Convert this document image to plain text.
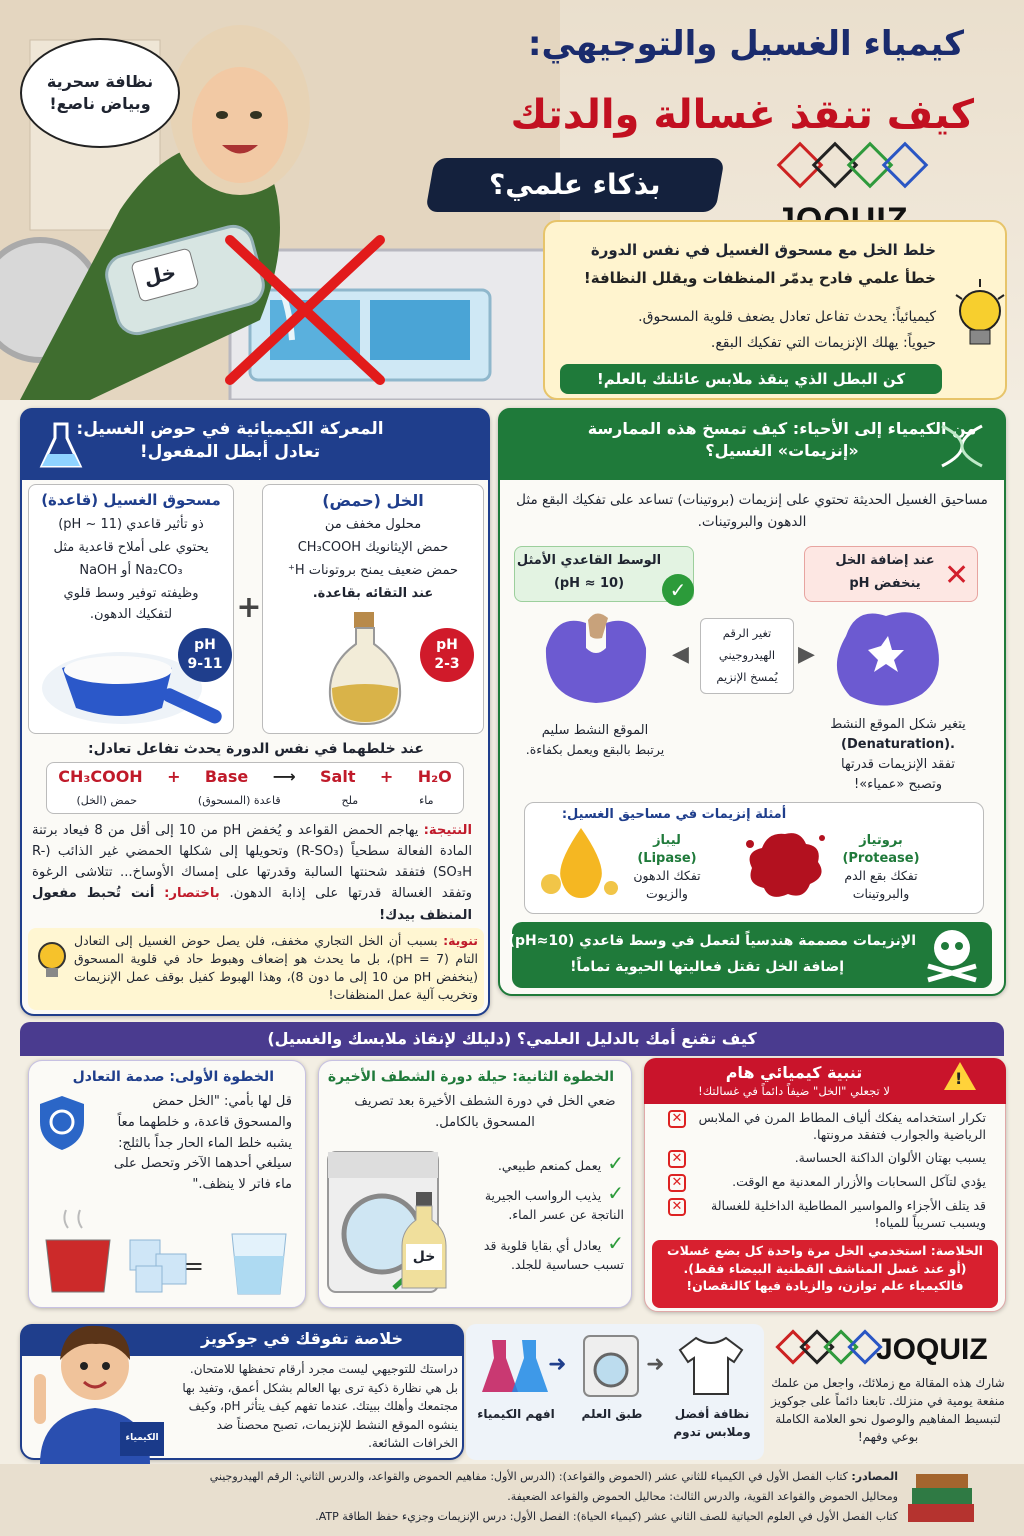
خل
نظافة سحرية وبياض ناصع!
كيمياء الغسيل والتوجيهي:
كيف تنقذ غسالة والدتك
بذكاء علمي؟
خلط الخل مع مسحوق الغسيل في نفس الدورة
خطأ علمي فادح يدمّر المنظفات ويقلل النظافة!
كيميائياً: يحدث تفاعل تعادل يضعف قلوية المسحوق.
حيوياً: يهلك الإنزيمات التي تفكيك البقع.
كن البطل الذي ينقذ ملابس عائلتك بالعلم!
المعركة الكيميائية في حوض الغسيل:
تعادل أبطل المفعول!
الخل (حمض)
محلول مخفف من
حمض الإيثانويك CH₃COOH
حمض ضعيف يمنح بروتونات H⁺
عند التقائه بقاعدة.
pH 2-3
+
مسحوق الغسيل (قاعدة)
ذو تأثير قاعدي (11 ~ pH)
يحتوي على أملاح قاعدية مثل
Na₂CO₃ أو NaOH
وظيفته توفير وسط قلوي
لتفكيك الدهون.
pH 9-11
عند خلطهما في نفس الدورة يحدث تفاعل تعادل:
CH₃COOH + Base ⟶ Salt + H₂O
حمض (الخل)	قاعدة (المسحوق)	ملح	ماء
النتيجة: يهاجم الحمض القواعد و يُخفض pH من 10 إلى أقل من 8 فيعاد برتنة المادة الفعالة سطحياً (R-SO₃) وتحويلها إلى شكلها الحمضي غير الذائب (R-SO₃H) فتفقد شحنتها السالبة وقدرتها على إمساك الأوساخ... تتلاشى الرغوة وتفقد الغسالة قدرتها على إذابة الدهون. باختصار: أنت تُحبط مفعول المنظف بيدك!
تنوية: بسبب أن الخل التجاري مخفف، فلن يصل حوض الغسيل إلى التعادل التام (pH = 7)، بل ما يحدث هو إضعاف وهبوط حاد في قلوية المسحوق (ينخفض pH من 10 إلى ما دون 8)، وهذا الهبوط كفيل بوقف عمل الإنزيمات وتخريب آلية عمل المنظفات!
من الكيمياء إلى الأحياء: كيف تمسخ هذه الممارسة
«إنزيمات» الغسيل؟
مساحيق الغسيل الحديثة تحتوي على إنزيمات (بروتينات) تساعد على تفكيك البقع مثل الدهون والبروتينات.
الوسط القاعدي الأمثل
(pH ≈ 10)	✓
عند إضافة الخل
ينخفض pH ✕
تغير الرقم
الهيدروجيني
يُمسخ الإنزيم
◀	▶
الموقع النشط سليم
يرتبط بالبقع ويعمل بكفاءة.
يتغير شكل الموقع النشط
(Denaturation).
تفقد الإنزيمات قدرتها
وتصبح «عمياء»!
أمثلة إنزيمات في مساحيق الغسيل:
ليباز
(Lipase)
تفكك الدهون
والزيوت
بروتياز
(Protease)
تفكك بقع الدم
والبروتينات
الإنزيمات مصممة هندسياً لتعمل في وسط قاعدي (pH≈10)
إضافة الخل تقتل فعاليتها الحيوية تماماً!
كيف تقنع أمك بالدليل العلمي؟ (دليلك لإنقاذ ملابسك والغسيل)
الخطوة الأولى: صدمة التعادل
قل لها بأمي: "الخل حمض والمسحوق قاعدة، و خلطهما معاً يشبه خلط الماء الحار جداً بالثلج: سيلغي أحدهما الآخر وتحصل على ماء فاتر لا ينظف."
=
الخطوة الثانية: حيلة دورة الشطف الأخيرة
ضعي الخل في دورة الشطف الأخيرة بعد تصريف المسحوق بالكامل.
خل
✓يعمل كمنعم طبيعي.
✓يذيب الرواسب الجيرية الناتجة عن عسر الماء.
✓يعادل أي بقايا قلوية قد تسبب حساسية للجلد.
تنبية كيميائي هام
لا تجعلي "الخل" ضيفاً دائماً في غسالتك!
!
تكرار استخدامه يفكك ألياف المطاط المرن في الملابس الرياضية والجوارب فتفقد مرونتها.
✕
يسبب بهتان الألوان الداكنة الحساسة.
✕
يؤدي لتآكل السحابات والأزرار المعدنية مع الوقت.
✕
قد يتلف الأجزاء والمواسير المطاطية الداخلية للغسالة ويسبب تسريباً للمياه!
✕
الخلاصة: استخدمي الخل مرة واحدة كل بضع غسلات (أو عند غسل المناشف القطنية البيضاء فقط). فالكيمياء علم توازن، والزيادة فيها كالنقصان!
خلاصة تفوقك في جوكويز
دراستك للتوجيهي ليست مجرد أرقام تحفظها للامتحان. بل هي نظارة ذكية ترى بها العالم بشكل أعمق، وتفيد بها مجتمعك وأهلك ببيتك. عندما تفهم كيف يتأثر pH، وكيف ينشوه الموقع النشط للإنزيمات، تصبح محصناً ضد الخرافات الشائعة.
الكيمياء
➜	➜
افهم الكيمياء	طبق العلم	نظافة أفضل
وملابس تدوم
JOQUIZ
شارك هذه المقالة مع زملائك، واجعل من علمك منفعة يومية في منزلك. تابعنا دائماً على جوكويز لتبسيط المفاهيم والوصول نحو العلامة الكاملة بوعي وفهم!
المصادر: كتاب الفصل الأول في الكيمياء للثاني عشر (الحموض والقواعد): (الدرس الأول: مفاهيم الحموض والقواعد، والدرس الثاني: الرقم الهيدروجيني
ومحاليل الحموض والقواعد القوية، والدرس الثالث: محاليل الحموض والقواعد الضعيفة.
كتاب الفصل الأول في العلوم الحياتية للصف الثاني عشر (كيمياء الحياة): الفصل الأول: درس الإنزيمات وجزيء حفظ الطاقة ATP.
